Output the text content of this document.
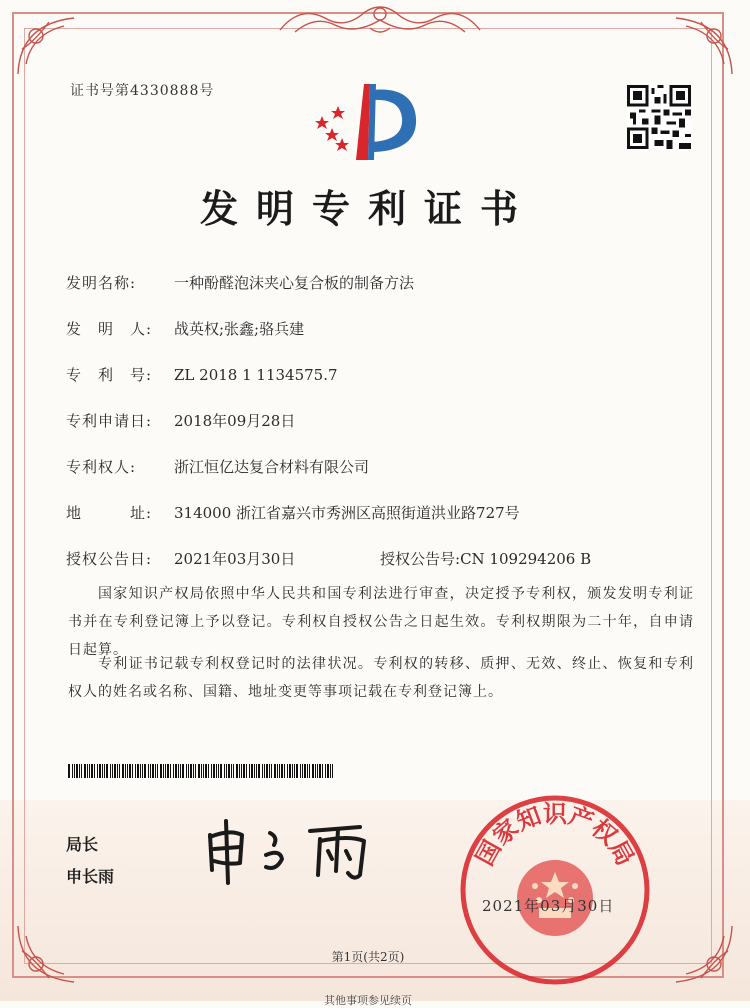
证书号第4330888号
发明专利证书
发明名称:	一种酚醛泡沫夹心复合板的制备方法
发　明　人: 战英权;张鑫;骆兵建
专　利　号: ZL 2018 1 1134575.7
专利申请日: 2018年09月28日
专利权人:	浙江恒亿达复合材料有限公司
地　　　址: 314000 浙江省嘉兴市秀洲区高照街道洪业路727号
授权公告日: 2021年03月30日	授权公告号:CN 109294206 B
国家知识产权局依照中华人民共和国专利法进行审查，决定授予专利权，颁发发明专利证书并在专利登记簿上予以登记。专利权自授权公告之日起生效。专利权期限为二十年，自申请日起算。
专利证书记载专利权登记时的法律状况。专利权的转移、质押、无效、终止、恢复和专利权人的姓名或名称、国籍、地址变更等事项记载在专利登记簿上。
局长
申长雨
国家知识产权局
2021年03月30日
第1页(共2页)
其他事项参见续页
